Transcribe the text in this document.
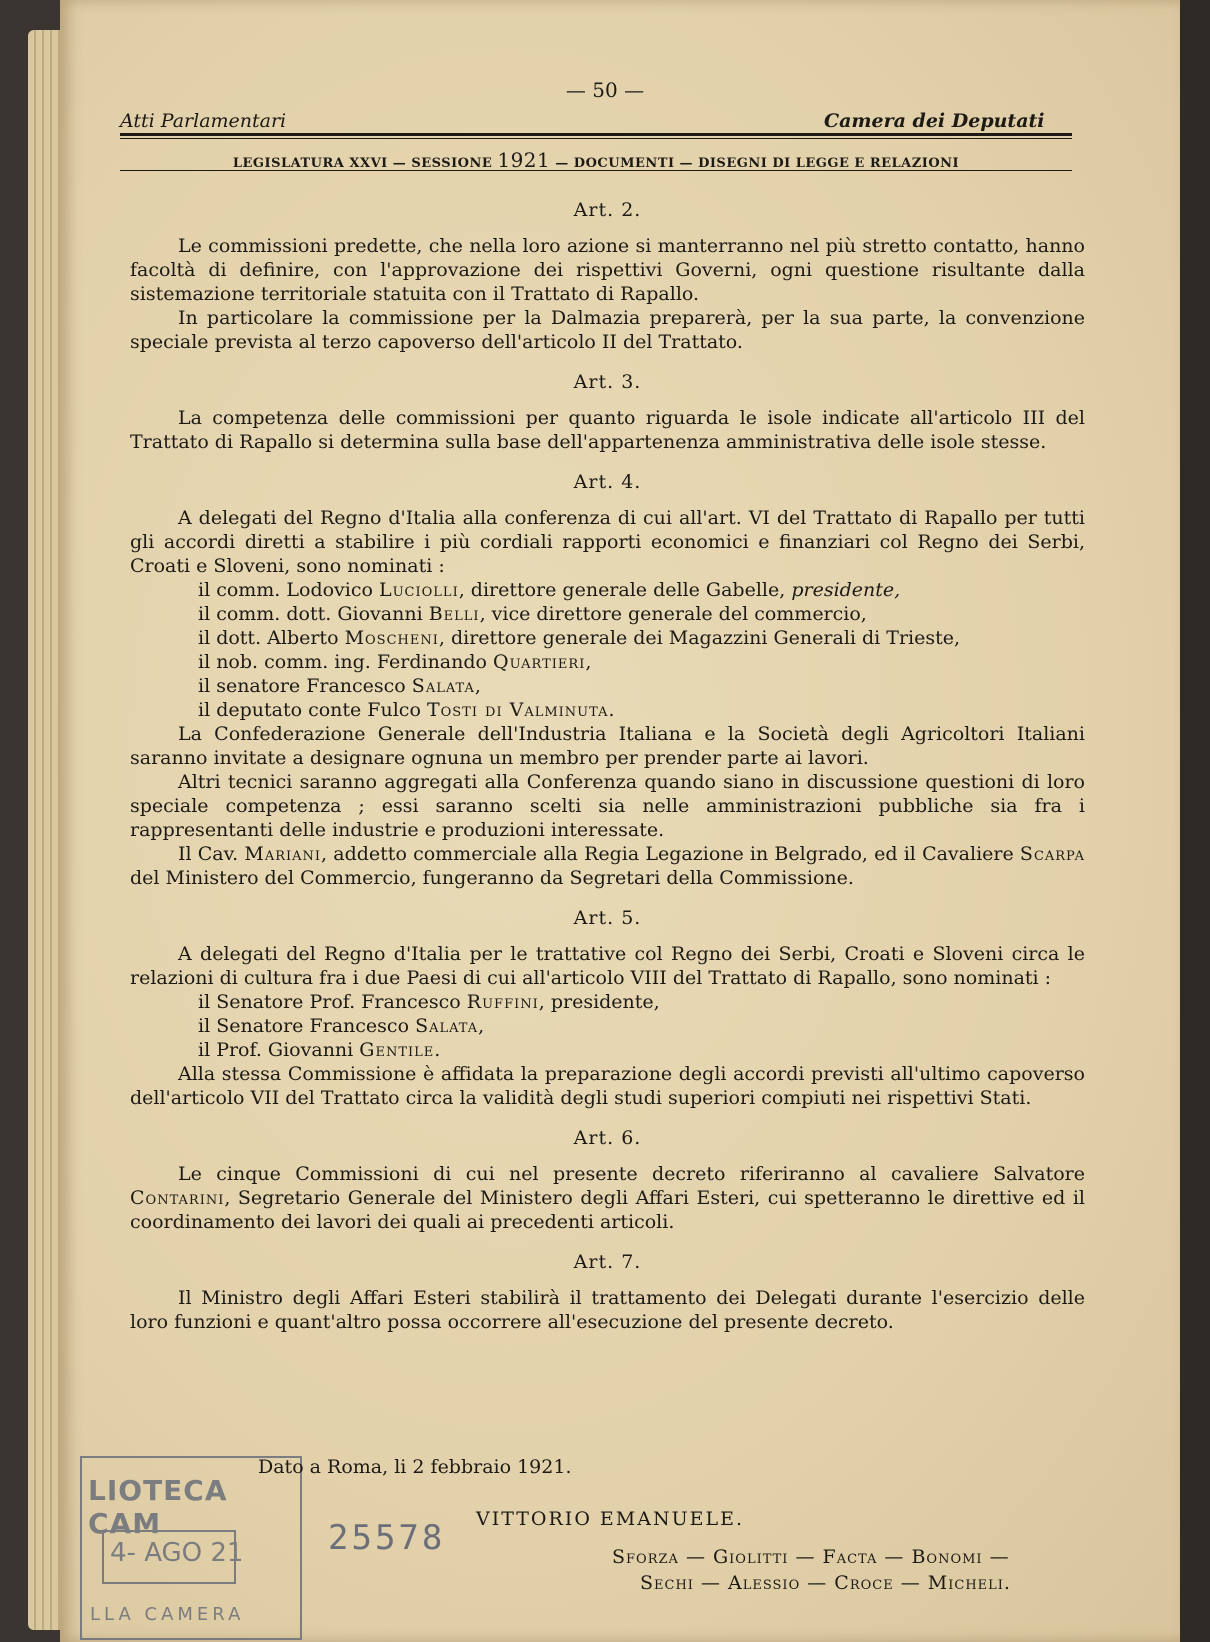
— 50 —
Atti Parlamentari	Camera dei Deputati
LEGISLATURA XXVI — SESSIONE 1921 — DOCUMENTI — DISEGNI DI LEGGE E RELAZIONI

Art. 2.

Le commissioni predette, che nella loro azione si manterranno nel più stretto contatto, hanno facoltà di definire, con l'approvazione dei rispettivi Governi, ogni questione risultante dalla sistemazione territoriale statuita con il Trattato di Rapallo.

In particolare la commissione per la Dalmazia preparerà, per la sua parte, la convenzione speciale prevista al terzo capoverso dell'articolo II del Trattato.

Art. 3.

La competenza delle commissioni per quanto riguarda le isole indicate all'articolo III del Trattato di Rapallo si determina sulla base dell'appartenenza amministrativa delle isole stesse.

Art. 4.

A delegati del Regno d'Italia alla conferenza di cui all'art. VI del Trattato di Rapallo per tutti gli accordi diretti a stabilire i più cordiali rapporti economici e finanziari col Regno dei Serbi, Croati e Sloveni, sono nominati :

il comm. Lodovico Luciolli, direttore generale delle Gabelle, presidente,
il comm. dott. Giovanni Belli, vice direttore generale del commercio,
il dott. Alberto Moscheni, direttore generale dei Magazzini Generali di Trieste,
il nob. comm. ing. Ferdinando Quartieri,
il senatore Francesco Salata,
il deputato conte Fulco Tosti di Valminuta.

La Confederazione Generale dell'Industria Italiana e la Società degli Agricoltori Italiani saranno invitate a designare ognuna un membro per prender parte ai lavori.

Altri tecnici saranno aggregati alla Conferenza quando siano in discussione questioni di loro speciale competenza ; essi saranno scelti sia nelle amministrazioni pubbliche sia fra i rappresentanti delle industrie e produzioni interessate.

Il Cav. Mariani, addetto commerciale alla Regia Legazione in Belgrado, ed il Cavaliere Scarpa del Ministero del Commercio, fungeranno da Segretari della Commissione.

Art. 5.

A delegati del Regno d'Italia per le trattative col Regno dei Serbi, Croati e Sloveni circa le relazioni di cultura fra i due Paesi di cui all'articolo VIII del Trattato di Rapallo, sono nominati :

il Senatore Prof. Francesco Ruffini, presidente,
il Senatore Francesco Salata,
il Prof. Giovanni Gentile.

Alla stessa Commissione è affidata la preparazione degli accordi previsti all'ultimo capoverso dell'articolo VII del Trattato circa la validità degli studi superiori compiuti nei rispettivi Stati.

Art. 6.

Le cinque Commissioni di cui nel presente decreto riferiranno al cavaliere Salvatore Contarini, Segretario Generale del Ministero degli Affari Esteri, cui spetteranno le direttive ed il coordinamento dei lavori dei quali ai precedenti articoli.

Art. 7.

Il Ministro degli Affari Esteri stabilirà il trattamento dei Delegati durante l'esercizio delle loro funzioni e quant'altro possa occorrere all'esecuzione del presente decreto.

LIOTECA CAM
4- AGO 21
LLA CAMERA
25578
Dato a Roma, li 2 febbraio 1921.
VITTORIO EMANUELE.
Sforza — Giolitti — Facta — Bonomi —
Sechi — Alessio — Croce — Micheli.
